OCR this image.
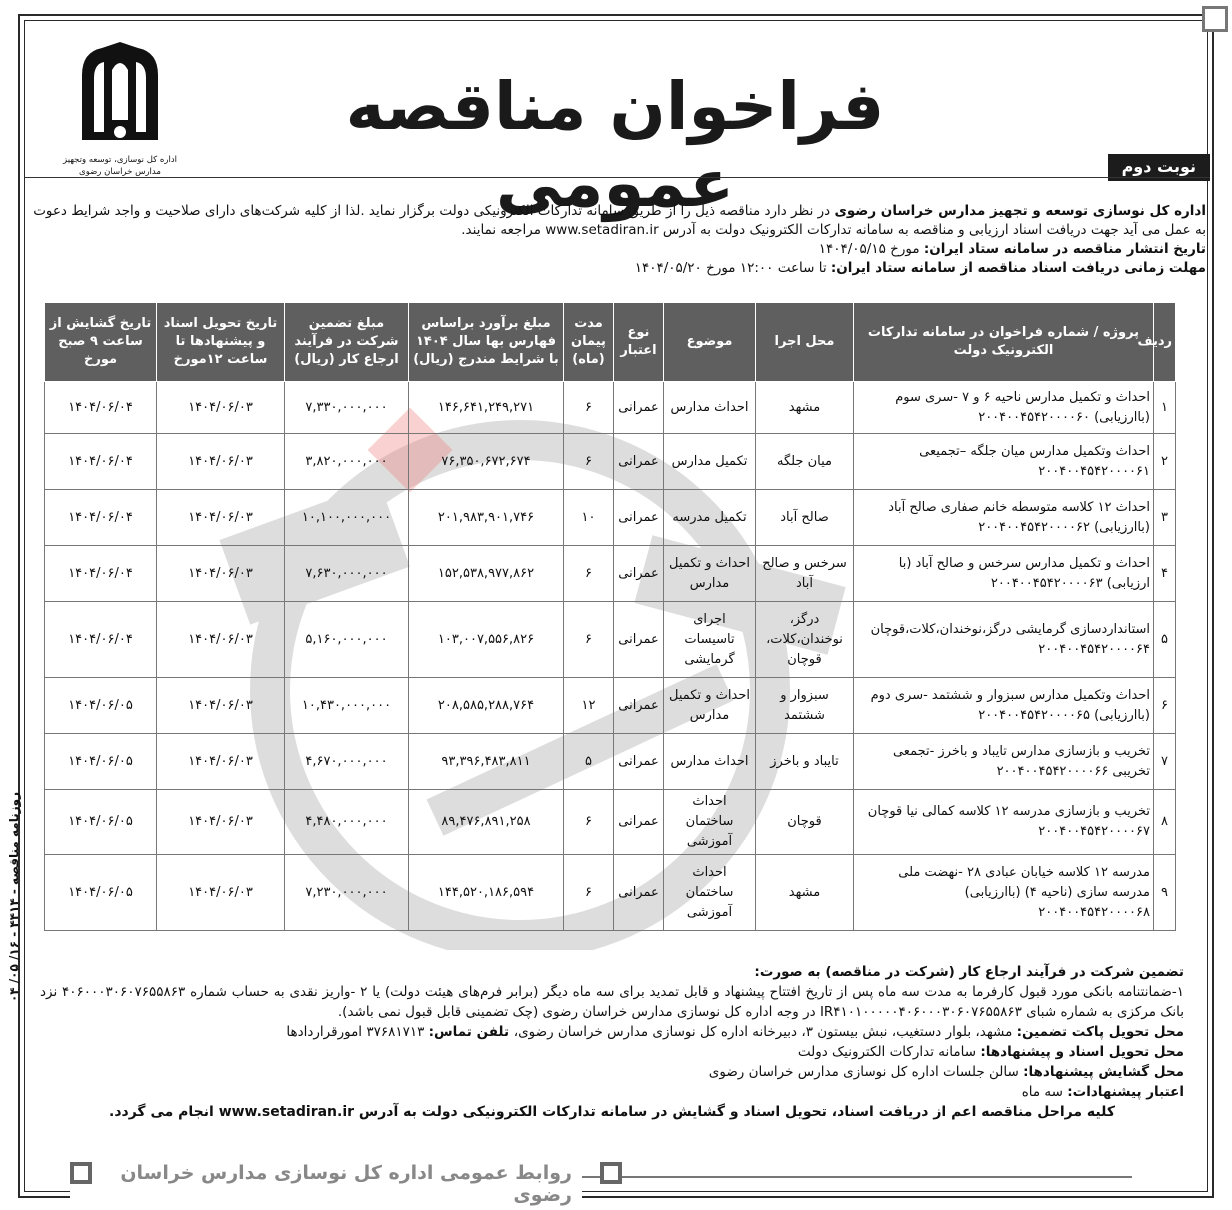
اداره کل نوسازی، توسعه وتجهیز
مدارس خراسان رضوی
فراخوان مناقصه عمومی	نوبت دوم
اداره کل نوسازی توسعه و تجهیز مدارس خراسان رضوی در نظر دارد مناقصه ذیل را از طریق سامانه تدارکات الکترونیکی دولت برگزار نماید .لذا از کلیه شرکت‌های دارای صلاحیت و واجد شرایط دعوت به عمل می آید جهت دریافت اسناد ارزیابی و مناقصه به سامانه تدارکات الکترونیک دولت به آدرس www.setadiran.ir مراجعه نمایند.
تاریخ انتشار مناقصه در سامانه ستاد ایران: مورخ ۱۴۰۴/۰۵/۱۵
مهلت زمانی دریافت اسناد مناقصه از سامانه ستاد ایران: تا ساعت ۱۲:۰۰ مورخ ۱۴۰۴/۰۵/۲۰
ردیف	پروژه / شماره فراخوان در سامانه تدارکات الکترونیک دولت	محل اجرا	موضوع	نوع اعتبار	مدت پیمان (ماه)	مبلغ برآورد براساس فهارس بها سال ۱۴۰۴ با شرایط مندرج (ریال)	مبلغ تضمین شرکت در فرآیند ارجاع کار (ریال)	تاریخ تحویل اسناد و پیشنهادها تا ساعت ۱۲مورخ	تاریخ گشایش از ساعت ۹ صبح مورخ
۱	احداث و تکمیل مدارس ناحیه ۶ و ۷ -سری سوم (باارزیابی) ۲۰۰۴۰۰۴۵۴۲۰۰۰۰۶۰	مشهد	احداث مدارس	عمرانی	۶	۱۴۶,۶۴۱,۲۴۹,۲۷۱	۷,۳۳۰,۰۰۰,۰۰۰	۱۴۰۴/۰۶/۰۳	۱۴۰۴/۰۶/۰۴
۲	احداث وتکمیل مدارس میان جلگه –تجمیعی ۲۰۰۴۰۰۴۵۴۲۰۰۰۰۶۱	میان جلگه	تکمیل مدارس	عمرانی	۶	۷۶,۳۵۰,۶۷۲,۶۷۴	۳,۸۲۰,۰۰۰,۰۰۰	۱۴۰۴/۰۶/۰۳	۱۴۰۴/۰۶/۰۴
۳	احداث ۱۲ کلاسه متوسطه خانم صفاری صالح آباد (باارزیابی) ۲۰۰۴۰۰۴۵۴۲۰۰۰۰۶۲	صالح آباد	تکمیل مدرسه	عمرانی	۱۰	۲۰۱,۹۸۳,۹۰۱,۷۴۶	۱۰,۱۰۰,۰۰۰,۰۰۰	۱۴۰۴/۰۶/۰۳	۱۴۰۴/۰۶/۰۴
۴	احداث و تکمیل مدارس سرخس و صالح آباد (با ارزیابی) ۲۰۰۴۰۰۴۵۴۲۰۰۰۰۶۳	سرخس و صالح آباد	احداث و تکمیل مدارس	عمرانی	۶	۱۵۲,۵۳۸,۹۷۷,۸۶۲	۷,۶۳۰,۰۰۰,۰۰۰	۱۴۰۴/۰۶/۰۳	۱۴۰۴/۰۶/۰۴
۵	استانداردسازی گرمایشی درگز،نوخندان،کلات،قوچان ۲۰۰۴۰۰۴۵۴۲۰۰۰۰۶۴	درگز، نوخندان،کلات، قوچان	اجرای تاسیسات گرمایشی	عمرانی	۶	۱۰۳,۰۰۷,۵۵۶,۸۲۶	۵,۱۶۰,۰۰۰,۰۰۰	۱۴۰۴/۰۶/۰۳	۱۴۰۴/۰۶/۰۴
۶	احداث وتکمیل مدارس سبزوار و ششتمد -سری دوم (باارزیابی) ۲۰۰۴۰۰۴۵۴۲۰۰۰۰۶۵	سبزوار و ششتمد	احداث و تکمیل مدارس	عمرانی	۱۲	۲۰۸,۵۸۵,۲۸۸,۷۶۴	۱۰,۴۳۰,۰۰۰,۰۰۰	۱۴۰۴/۰۶/۰۳	۱۴۰۴/۰۶/۰۵
۷	تخریب و بازسازی مدارس تایباد و باخرز -تجمعی تخریبی ۲۰۰۴۰۰۴۵۴۲۰۰۰۰۶۶	تایباد و باخرز	احداث مدارس	عمرانی	۵	۹۳,۳۹۶,۴۸۳,۸۱۱	۴,۶۷۰,۰۰۰,۰۰۰	۱۴۰۴/۰۶/۰۳	۱۴۰۴/۰۶/۰۵
۸	تخریب و بازسازی مدرسه ۱۲ کلاسه کمالی نیا قوچان ۲۰۰۴۰۰۴۵۴۲۰۰۰۰۶۷	قوچان	احداث ساختمان آموزشی	عمرانی	۶	۸۹,۴۷۶,۸۹۱,۲۵۸	۴,۴۸۰,۰۰۰,۰۰۰	۱۴۰۴/۰۶/۰۳	۱۴۰۴/۰۶/۰۵
۹	مدرسه ۱۲ کلاسه خیابان عبادی ۲۸ -نهضت ملی مدرسه سازی (ناحیه ۴) (باارزیابی) ۲۰۰۴۰۰۴۵۴۲۰۰۰۰۶۸	مشهد	احداث ساختمان آموزشی	عمرانی	۶	۱۴۴,۵۲۰,۱۸۶,۵۹۴	۷,۲۳۰,۰۰۰,۰۰۰	۱۴۰۴/۰۶/۰۳	۱۴۰۴/۰۶/۰۵

تضمین شرکت در فرآیند ارجاع کار (شرکت در مناقصه) به صورت:

۱-ضمانتنامه بانکی مورد قبول کارفرما به مدت سه ماه پس از تاریخ افتتاح پیشنهاد و قابل تمدید برای سه ماه دیگر (برابر فرم‌های هیئت دولت) یا ۲ -واریز نقدی به حساب شماره ۴۰۶۰۰۰۳۰۶۰۷۶۵۵۸۶۳ نزد بانک مرکزی به شماره شبای IR۴۱۰۱۰۰۰۰۰۴۰۶۰۰۰۳۰۶۰۷۶۵۵۸۶۳ در وجه اداره کل نوسازی مدارس خراسان رضوی (چک تضمینی قابل قبول نمی باشد).

محل تحویل پاکت تضمین: مشهد، بلوار دستغیب، نبش بیستون ۳، دبیرخانه اداره کل نوسازی مدارس خراسان رضوی، تلفن تماس: ۳۷۶۸۱۷۱۳ امورقراردادها

محل تحویل اسناد و پیشنهادها: سامانه تدارکات الکترونیک دولت

محل گشایش پیشنهادها: سالن جلسات اداره کل نوسازی مدارس خراسان رضوی

اعتبار پیشنهادات: سه ماه

کلیه مراحل مناقصه اعم از دریافت اسناد، تحویل اسناد و گشایش در سامانه تدارکات الکترونیکی دولت به آدرس www.setadiran.ir انجام می گردد.

روابط عمومی اداره کل نوسازی مدارس خراسان رضوی
روزنامه مناقصه - ۴۴۱۴ - ۱۶/ ۰۵/ ۰۴
